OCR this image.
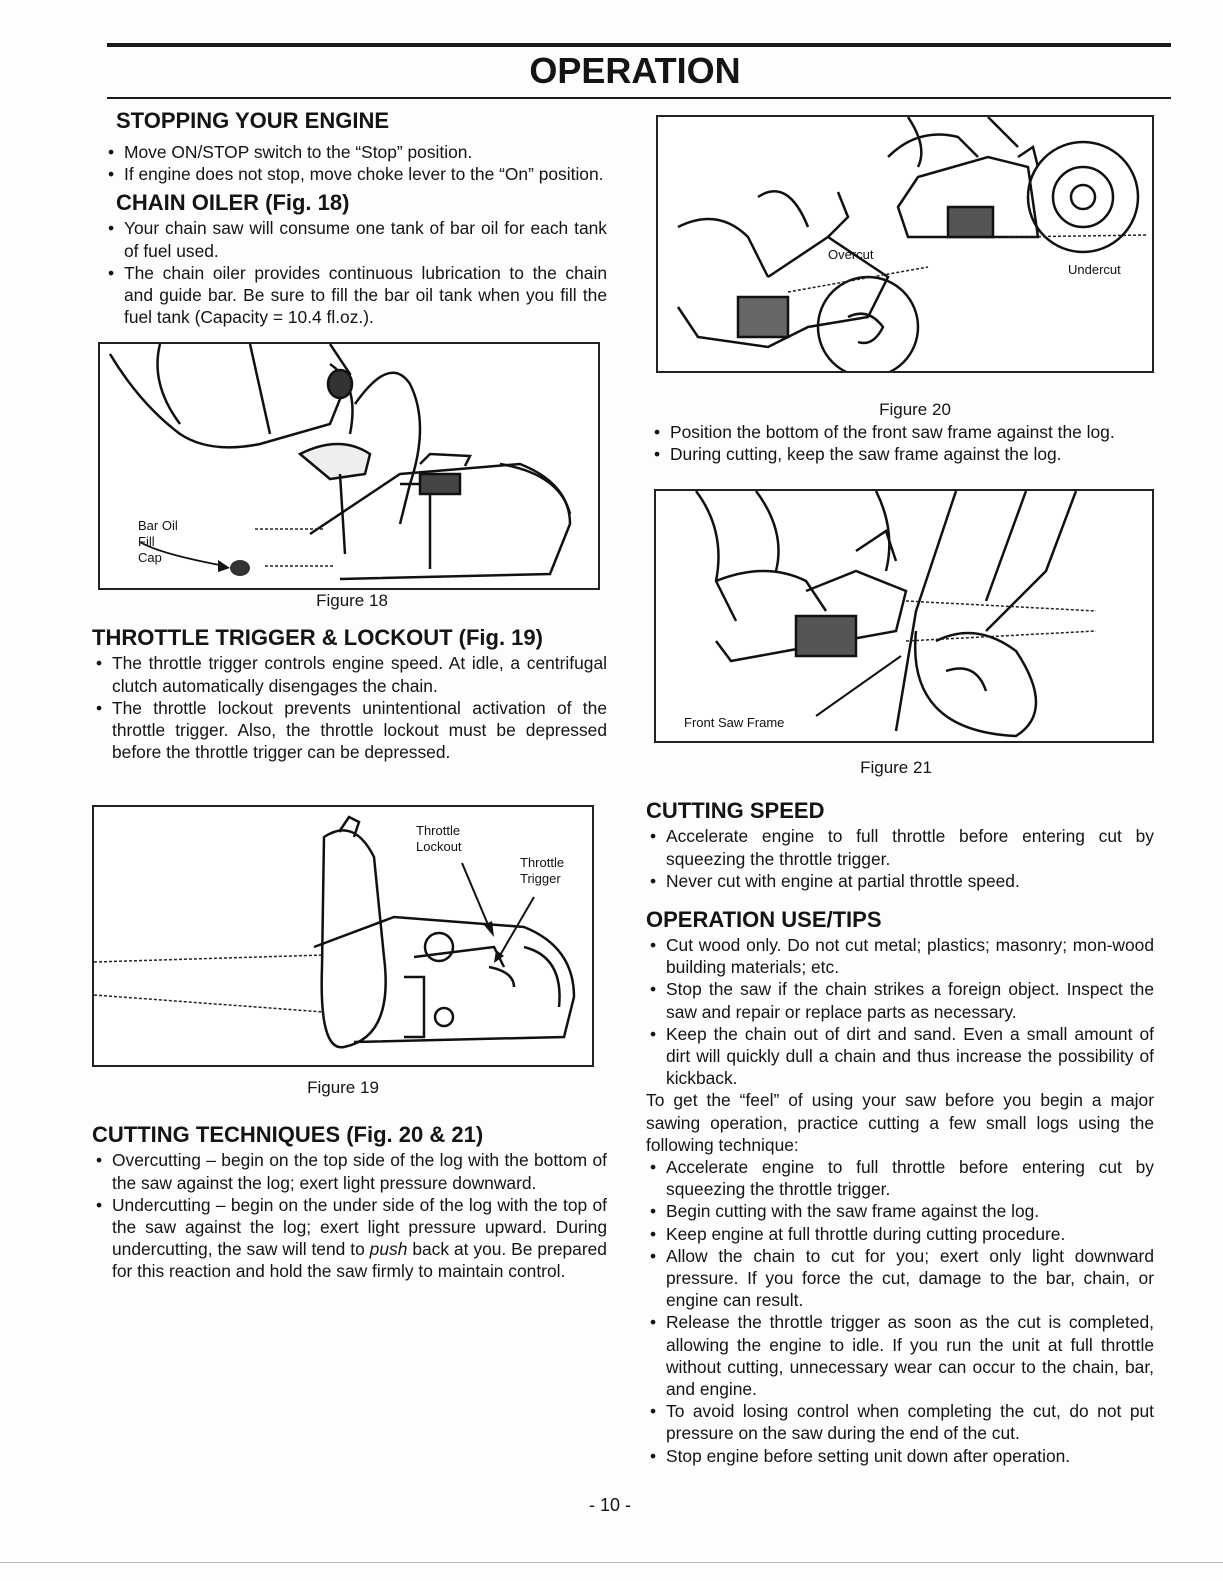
OPERATION
STOPPING YOUR ENGINE
• Move ON/STOP switch to the “Stop” position.
• If engine does not stop, move choke lever to the “On” position.
CHAIN OILER (Fig. 18)
• Your chain saw will consume one tank of bar oil for each tank of fuel used.
• The chain oiler provides continuous lubrication to the chain and guide bar. Be sure to fill the bar oil tank when you fill the fuel tank (Capacity = 10.4 fl.oz.).
Bar Oil
Fill
Cap
Figure 18
THROTTLE TRIGGER & LOCKOUT (Fig. 19)
• The throttle trigger controls engine speed. At idle, a centrifugal clutch automatically disengages the chain.
• The throttle lockout prevents unintentional activation of the throttle trigger. Also, the throttle lockout must be depressed before the throttle trigger can be depressed.
Throttle
Lockout
Throttle
Trigger
Figure 19
CUTTING TECHNIQUES (Fig. 20 & 21)
• Overcutting – begin on the top side of the log with the bottom of the saw against the log; exert light pressure downward.
• Undercutting – begin on the under side of the log with the top of the saw against the log; exert light pressure upward. During undercutting, the saw will tend to push back at you. Be prepared for this reaction and hold the saw firmly to maintain control.
Overcut
Undercut
Figure 20
• Position the bottom of the front saw frame against the log.
• During cutting, keep the saw frame against the log.
Front Saw Frame
Figure 21
CUTTING SPEED
• Accelerate engine to full throttle before entering cut by squeezing the throttle trigger.
• Never cut with engine at partial throttle speed.
OPERATION USE/TIPS
• Cut wood only. Do not cut metal; plastics; masonry; mon-wood building materials; etc.
• Stop the saw if the chain strikes a foreign object. Inspect the saw and repair or replace parts as necessary.
• Keep the chain out of dirt and sand. Even a small amount of dirt will quickly dull a chain and thus increase the possibility of kickback.

To get the “feel” of using your saw before you begin a major sawing operation, practice cutting a few small logs using the following technique:

• Accelerate engine to full throttle before entering cut by squeezing the throttle trigger.
• Begin cutting with the saw frame against the log.
• Keep engine at full throttle during cutting procedure.
• Allow the chain to cut for you; exert only light downward pressure. If you force the cut, damage to the bar, chain, or engine can result.
• Release the throttle trigger as soon as the cut is completed, allowing the engine to idle. If you run the unit at full throttle without cutting, unnecessary wear can occur to the chain, bar, and engine.
• To avoid losing control when completing the cut, do not put pressure on the saw during the end of the cut.
• Stop engine before setting unit down after operation.
- 10 -
